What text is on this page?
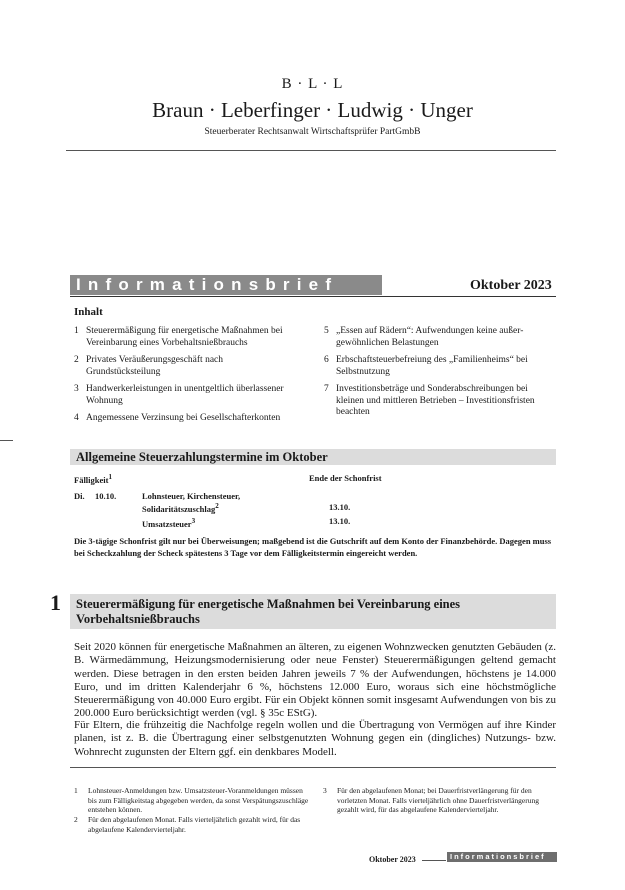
B · L · L
Braun · Leberfinger · Ludwig · Unger
Steuerberater Rechtsanwalt Wirtschaftsprüfer PartGmbB
Informationsbrief	Oktober 2023
Inhalt
1 Steuerermäßigung für energetische Maßnahmen bei Vereinbarung eines Vorbehaltsnießbrauchs
2 Privates Veräußerungsgeschäft nach Grundstücksteilung
3 Handwerkerleistungen in unentgeltlich überlassener Wohnung
4 Angemessene Verzinsung bei Gesellschafterkonten
5 „Essen auf Rädern“: Aufwendungen keine außer-gewöhnlichen Belastungen
6 Erbschaftsteuerbefreiung des „Familienheims“ bei Selbstnutzung
7 Investitionsbeträge und Sonderabschreibungen bei kleinen und mittleren Betrieben – Investitionsfristen beachten
Allgemeine Steuerzahlungstermine im Oktober
Fälligkeit$^1$	Ende der Schonfrist
Di. 10.10.	Lohnsteuer, Kirchensteuer,
Solidaritätszuschlag$^2$	13.10.
Umsatzsteuer$^3$	13.10.
Die 3-tägige Schonfrist gilt nur bei Überweisungen; maßgebend ist die Gutschrift auf dem Konto der Finanzbehörde. Dagegen muss bei Scheckzahlung der Scheck spätestens 3 Tage vor dem Fälligkeitstermin eingereicht werden.
1	Steuerermäßigung für energetische Maßnahmen bei Vereinbarung eines Vorbehaltsnießbrauchs
Seit 2020 können für energetische Maßnahmen an älteren, zu eigenen Wohnzwecken genutzten Gebäuden (z. B. Wärmedämmung, Heizungsmodernisierung oder neue Fenster) Steuerermäßigungen geltend gemacht werden. Diese betragen in den ersten beiden Jahren jeweils 7 % der Aufwendungen, höchstens je 14.000 Euro, und im dritten Kalenderjahr 6 %, höchstens 12.000 Euro, woraus sich eine höchstmögliche Steuerermäßigung von 40.000 Euro ergibt. Für ein Objekt können somit insgesamt Aufwendungen von bis zu 200.000 Euro berücksichtigt werden (vgl. § 35c EStG).
Für Eltern, die frühzeitig die Nachfolge regeln wollen und die Übertragung von Vermögen auf ihre Kinder planen, ist z. B. die Übertragung einer selbstgenutzten Wohnung gegen ein (dingliches) Nutzungs- bzw. Wohnrecht zugunsten der Eltern ggf. ein denkbares Modell.
1	Lohnsteuer-Anmeldungen bzw. Umsatzsteuer-Voranmeldungen müssen bis zum Fälligkeitstag abgegeben werden, da sonst Verspätungszuschläge entstehen können.
2	Für den abgelaufenen Monat. Falls vierteljährlich gezahlt wird, für das abgelaufene Kalendervierteljahr.
3	Für den abgelaufenen Monat; bei Dauerfristverlängerung für den vorletzten Monat. Falls vierteljährlich ohne Dauerfristverlängerung gezahlt wird, für das abgelaufene Kalendervierteljahr.
Oktober 2023	Informationsbrief
